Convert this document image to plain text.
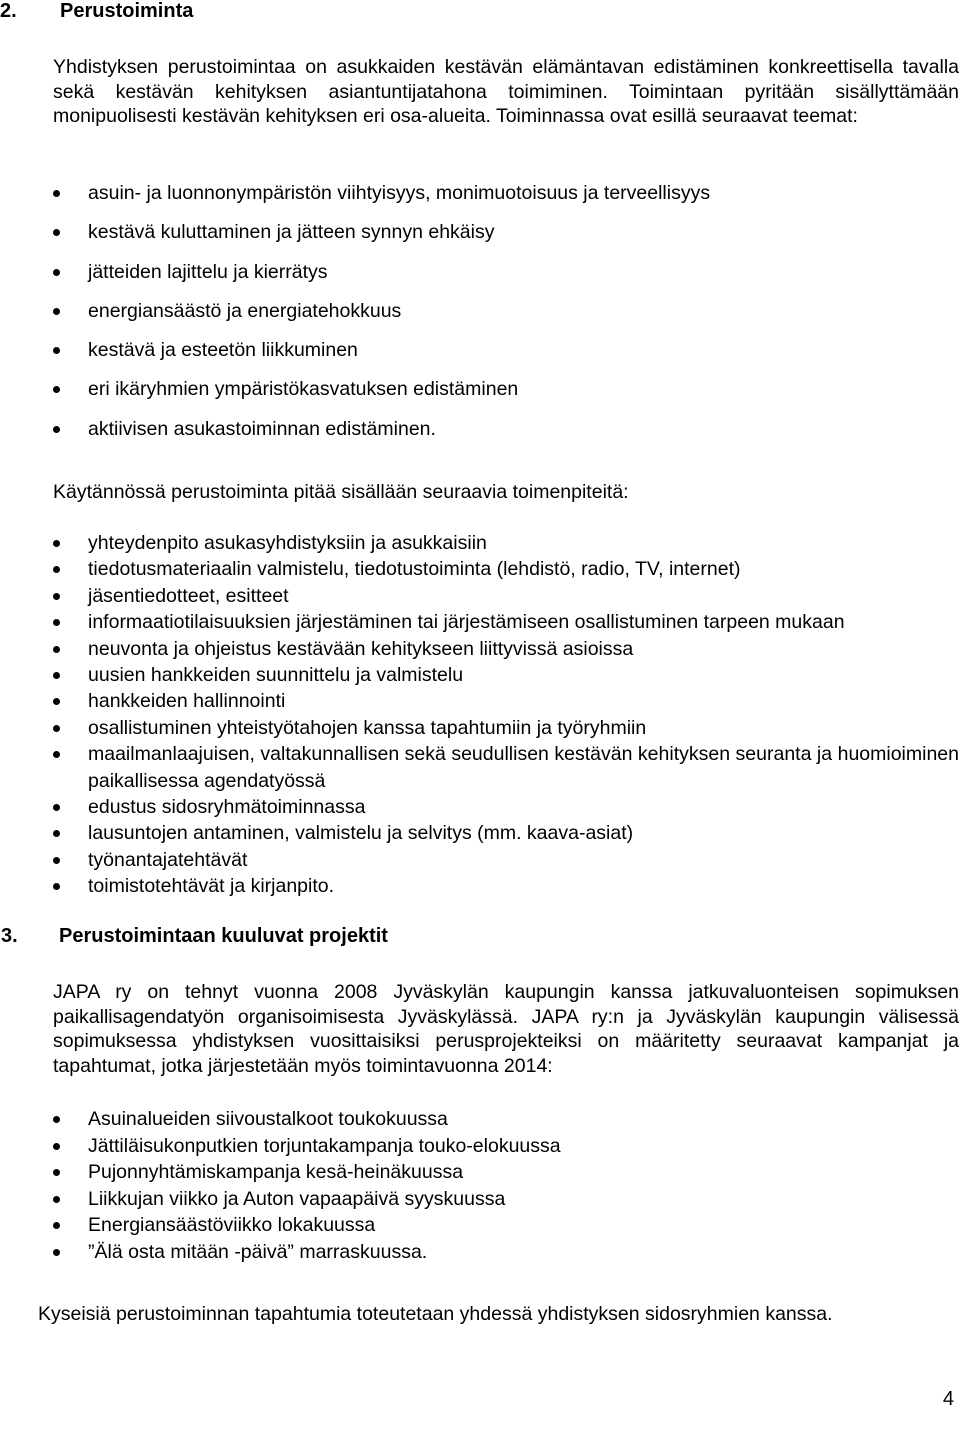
2. Perustoiminta

Yhdistyksen perustoimintaa on asukkaiden kestävän elämäntavan edistäminen konkreettisella tavalla sekä kestävän kehityksen asiantuntijatahona toimiminen. Toimintaan pyritään sisällyttämään monipuolisesti kestävän kehityksen eri osa-alueita. Toiminnassa ovat esillä seuraavat teemat:

asuin- ja luonnonympäristön viihtyisyys, monimuotoisuus ja terveellisyys
kestävä kuluttaminen ja jätteen synnyn ehkäisy
jätteiden lajittelu ja kierrätys
energiansäästö ja energiatehokkuus
kestävä ja esteetön liikkuminen
eri ikäryhmien ympäristökasvatuksen edistäminen
aktiivisen asukastoiminnan edistäminen.

Käytännössä perustoiminta pitää sisällään seuraavia toimenpiteitä:

yhteydenpito asukasyhdistyksiin ja asukkaisiin
tiedotusmateriaalin valmistelu, tiedotustoiminta (lehdistö, radio, TV, internet)
jäsentiedotteet, esitteet
informaatiotilaisuuksien järjestäminen tai järjestämiseen osallistuminen tarpeen mukaan
neuvonta ja ohjeistus kestävään kehitykseen liittyvissä asioissa
uusien hankkeiden suunnittelu ja valmistelu
hankkeiden hallinnointi
osallistuminen yhteistyötahojen kanssa tapahtumiin ja työryhmiin
maailmanlaajuisen, valtakunnallisen sekä seudullisen kestävän kehityksen seuranta ja huomioiminen paikallisessa agendatyössä
edustus sidosryhmätoiminnassa
lausuntojen antaminen, valmistelu ja selvitys (mm. kaava-asiat)
työnantajatehtävät
toimistotehtävät ja kirjanpito.
3. Perustoimintaan kuuluvat projektit

JAPA ry on tehnyt vuonna 2008 Jyväskylän kaupungin kanssa jatkuvaluonteisen sopimuksen paikallisagendatyön organisoimisesta Jyväskylässä. JAPA ry:n ja Jyväskylän kaupungin välisessä sopimuksessa yhdistyksen vuosittaisiksi perusprojekteiksi on määritetty seuraavat kampanjat ja tapahtumat, jotka järjestetään myös toimintavuonna 2014:

Asuinalueiden siivoustalkoot toukokuussa
Jättiläisukonputkien torjuntakampanja touko-elokuussa
Pujonnyhtämiskampanja kesä-heinäkuussa
Liikkujan viikko ja Auton vapaapäivä syyskuussa
Energiansäästöviikko lokakuussa
”Älä osta mitään -päivä” marraskuussa.

Kyseisiä perustoiminnan tapahtumia toteutetaan yhdessä yhdistyksen sidosryhmien kanssa.

4
